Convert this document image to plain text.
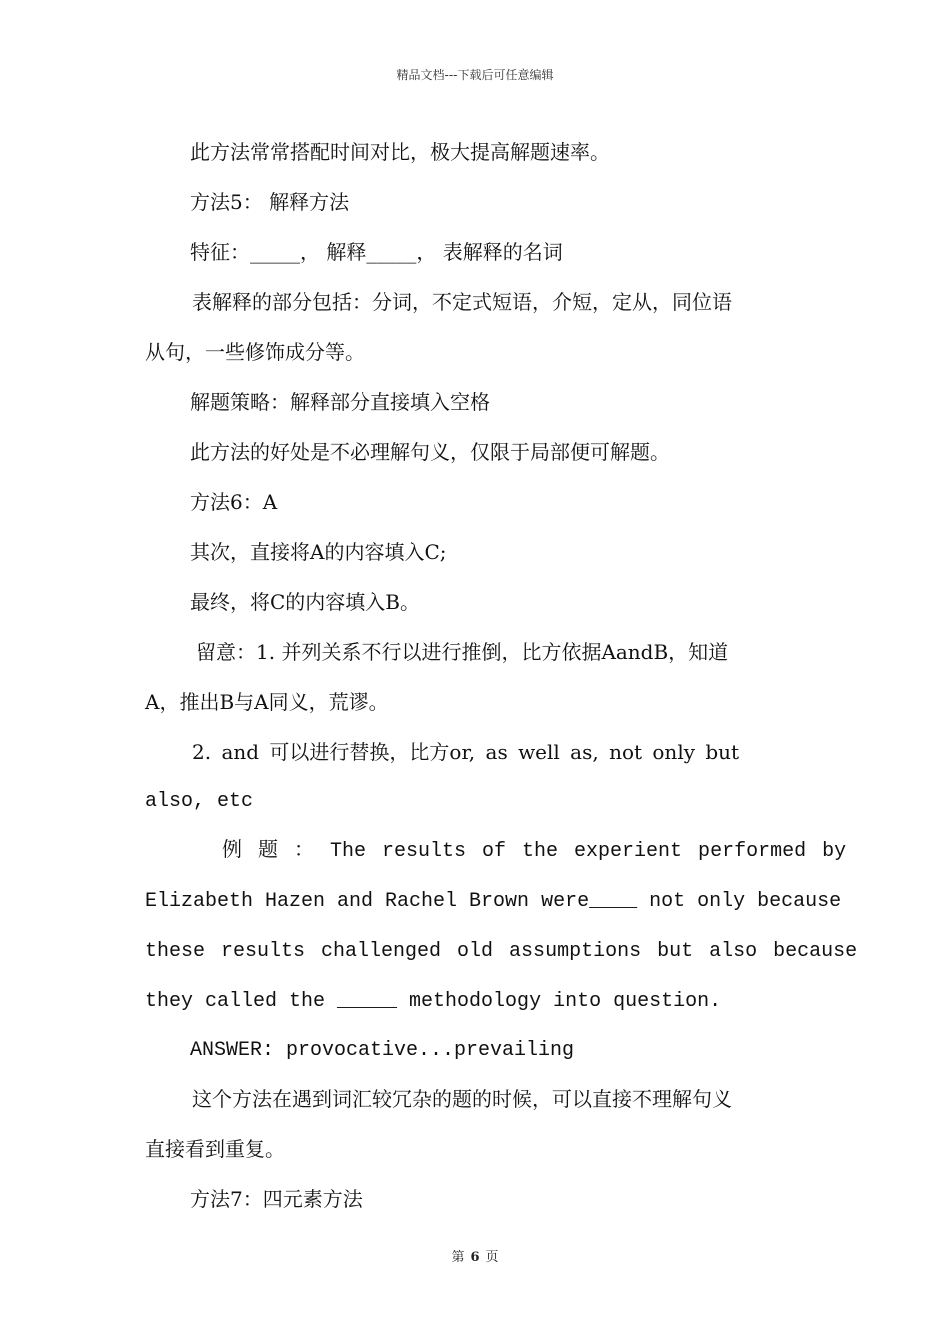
精品文档---下载后可任意编辑
此方法常常搭配时间对比，极大提高解题速率。
方法5： 解释方法
特征：_____， 解释_____， 表解释的名词
表解释的部分包括：分词，不定式短语，介短，定从，同位语
从句，一些修饰成分等。
解题策略：解释部分直接填入空格
此方法的好处是不必理解句义，仅限于局部便可解题。
方法6：A
其次，直接将A的内容填入C;
最终，将C的内容填入B。
留意：1. 并列关系不行以进行推倒，比方依据AandB，知道
A，推出B与A同义，荒谬。
2. and 可以进行替换，比方or, as well as, not only but
also, etc
例 题 ： The results of the experient performed by
Elizabeth Hazen and Rachel Brown were____ not only because
these results challenged old assumptions but also because
they called the _____ methodology into question.
ANSWER: provocative...prevailing
这个方法在遇到词汇较冗杂的题的时候，可以直接不理解句义
直接看到重复。
方法7：四元素方法
第 6 页
